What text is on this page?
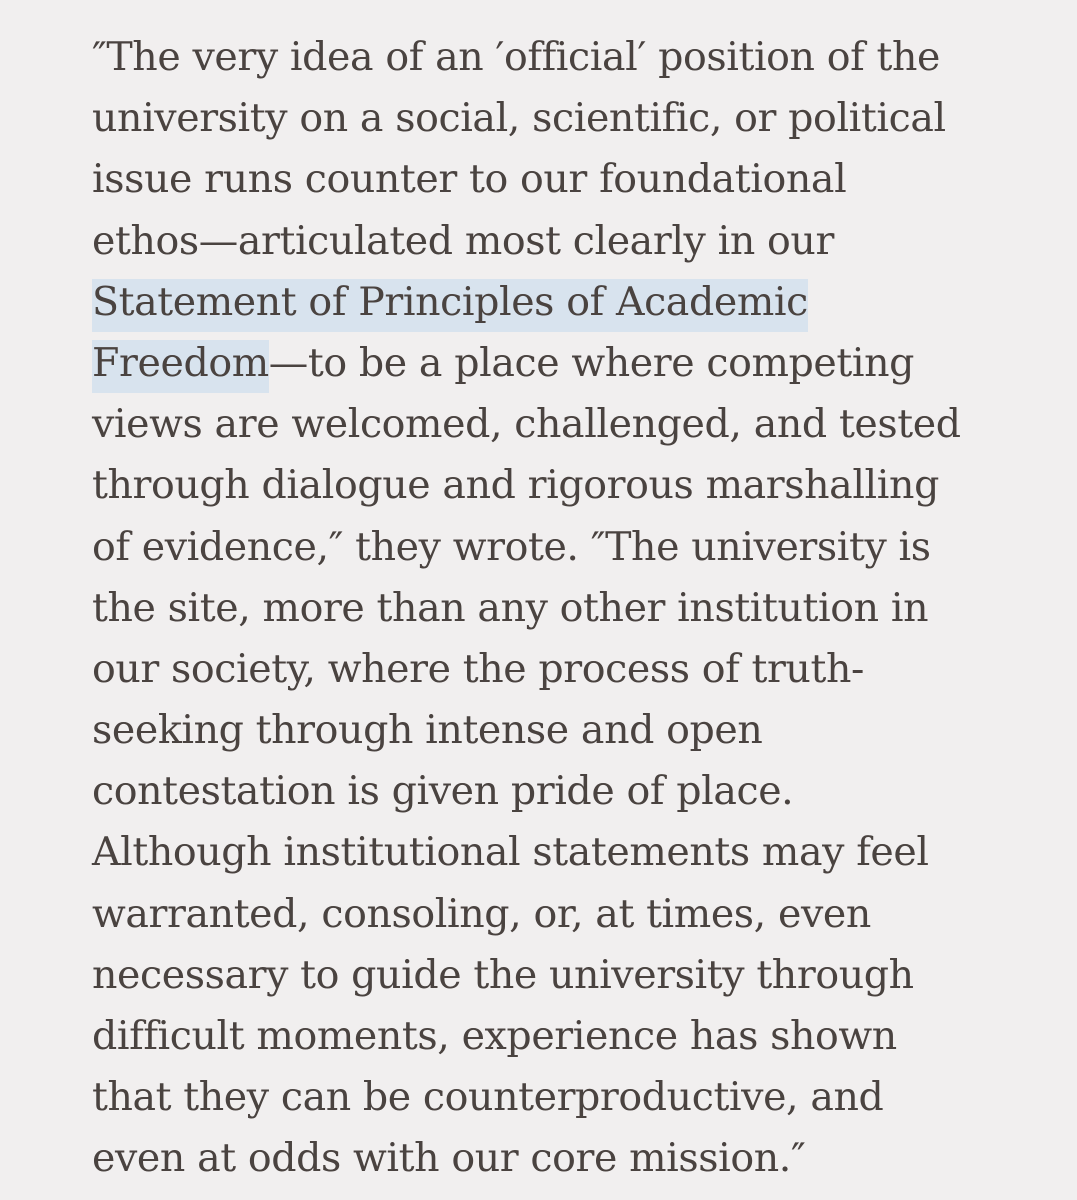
″The very idea of an ′official′ position of the
university on a social, scientific, or political
issue runs counter to our foundational
ethos—articulated most clearly in our
Statement of Principles of Academic
Freedom—to be a place where competing
views are welcomed, challenged, and tested
through dialogue and rigorous marshalling
of evidence,″ they wrote. ″The university is
the site, more than any other institution in
our society, where the process of truth-
seeking through intense and open
contestation is given pride of place.
Although institutional statements may feel
warranted, consoling, or, at times, even
necessary to guide the university through
difficult moments, experience has shown
that they can be counterproductive, and
even at odds with our core mission.″
